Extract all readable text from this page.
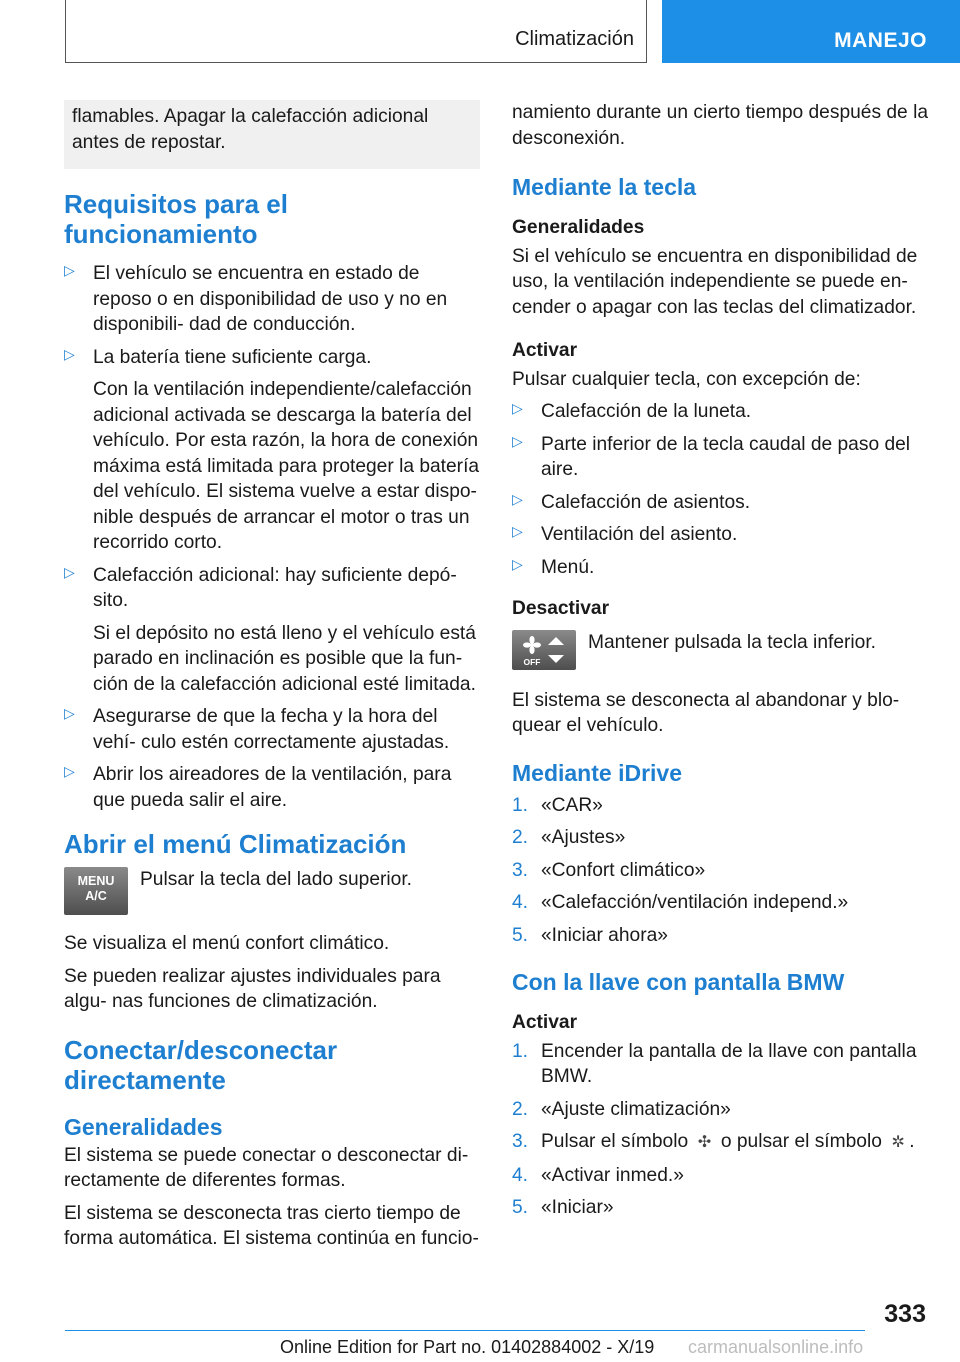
Climatización	MANEJO

flamables. Apagar la calefacción adicional antes de repostar.

Requisitos para el funcionamiento
▷ El vehículo se encuentra en estado de reposo o en disponibilidad de uso y no en disponibili- dad de conducción.

▷ La batería tiene suficiente carga.

Con la ventilación independiente/calefacción adicional activada se descarga la batería del vehículo. Por esta razón, la hora de conexión máxima está limitada para proteger la batería del vehículo. El sistema vuelve a estar dispo- nible después de arrancar el motor o tras un recorrido corto.

▷ Calefacción adicional: hay suficiente depó- sito.

Si el depósito no está lleno y el vehículo está parado en inclinación es posible que la fun- ción de la calefacción adicional esté limitada.

▷ Asegurarse de que la fecha y la hora del vehí- culo estén correctamente ajustadas.

▷ Abrir los aireadores de la ventilación, para que pueda salir el aire.

Abrir el menú Climatización
MENU
A/C

Pulsar la tecla del lado superior.

Se visualiza el menú confort climático.

Se pueden realizar ajustes individuales para algu- nas funciones de climatización.

Conectar/desconectar directamente
Generalidades

El sistema se puede conectar o desconectar di- rectamente de diferentes formas.

El sistema se desconecta tras cierto tiempo de forma automática. El sistema continúa en funcio-

namiento durante un cierto tiempo después de la desconexión.

Mediante la tecla
Generalidades

Si el vehículo se encuentra en disponibilidad de uso, la ventilación independiente se puede en- cender o apagar con las teclas del climatizador.

Activar

Pulsar cualquier tecla, con excepción de:

▷ Calefacción de la luneta.

▷ Parte inferior de la tecla caudal de paso del aire.

▷ Calefacción de asientos.

▷ Ventilación del asiento.

▷ Menú.

Desactivar
OFF

Mantener pulsada la tecla inferior.

El sistema se desconecta al abandonar y blo- quear el vehículo.

Mediante iDrive
1. «CAR»

2. «Ajustes»

3. «Confort climático»

4. «Calefacción/ventilación independ.»

5. «Iniciar ahora»

Con la llave con pantalla BMW
Activar
1. Encender la pantalla de la llave con pantalla BMW.

2. «Ajuste climatización»

3. Pulsar el símbolo ✣ o pulsar el símbolo ✲ .

4. «Activar inmed.»

5. «Iniciar»

333
Online Edition for Part no. 01402884002 - X/19 carmanualsonline.info
